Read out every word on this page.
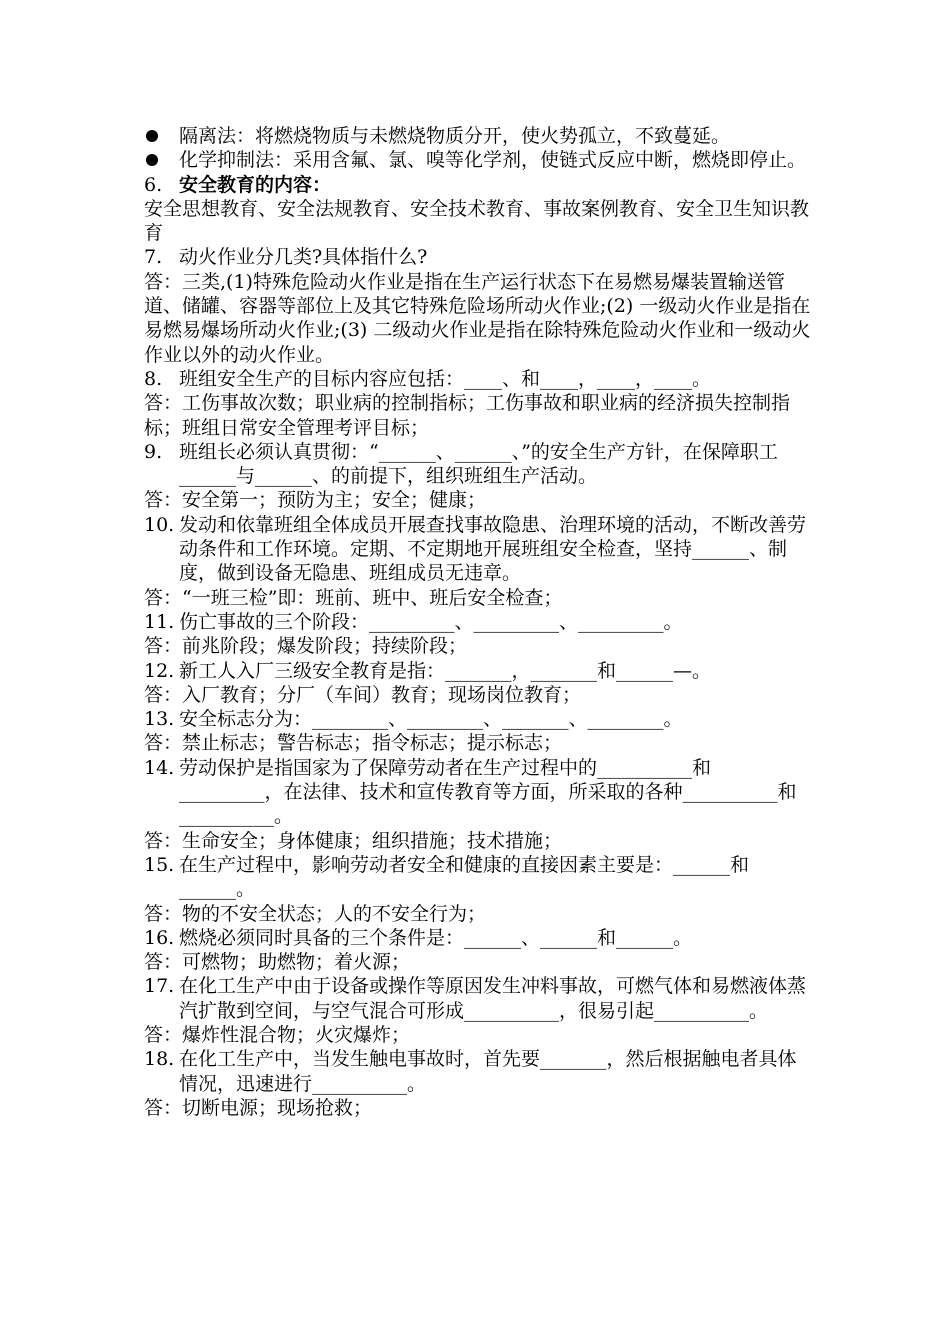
隔离法：将燃烧物质与未燃烧物质分开，使火势孤立，不致蔓延。
化学抑制法：采用含氟、氯、嗅等化学剂，使链式反应中断，燃烧即停止。
6. 安全教育的内容：
安全思想教育、安全法规教育、安全技术教育、事故案例教育、安全卫生知识教育
7. 动火作业分几类?具体指什么?
答：三类,(1)特殊危险动火作业是指在生产运行状态下在易燃易爆装置输送管道、储罐、容器等部位上及其它特殊危险场所动火作业;(2) 一级动火作业是指在易燃易爆场所动火作业;(3) 二级动火作业是指在除特殊危险动火作业和一级动火作业以外的动火作业。
8. 班组安全生产的目标内容应包括：____、和____，____，____。
答：工伤事故次数；职业病的控制指标；工伤事故和职业病的经济损失控制指标；班组日常安全管理考评目标；
9. 班组长必须认真贯彻：“______、______、”的安全生产方针，在保障职工______与______、的前提下，组织班组生产活动。
答：安全第一；预防为主；安全；健康；
10. 发动和依靠班组全体成员开展查找事故隐患、治理环境的活动，不断改善劳动条件和工作环境。定期、不定期地开展班组安全检查，坚持______、制度，做到设备无隐患、班组成员无违章。
答：“一班三检”即：班前、班中、班后安全检查；
11. 伤亡事故的三个阶段：_________、_________、_________。
答：前兆阶段；爆发阶段；持续阶段；
12. 新工人入厂三级安全教育是指：_______，_______和______—。
答：入厂教育；分厂（车间）教育；现场岗位教育；
13. 安全标志分为：________、________、_______、________。
答：禁止标志；警告标志；指令标志；提示标志；
14. 劳动保护是指国家为了保障劳动者在生产过程中的__________和_________，在法律、技术和宣传教育等方面，所采取的各种__________和__________。
答：生命安全；身体健康；组织措施；技术措施；
15. 在生产过程中，影响劳动者安全和健康的直接因素主要是：______和______。
答：物的不安全状态；人的不安全行为；
16. 燃烧必须同时具备的三个条件是：______、______和______。
答：可燃物；助燃物；着火源；
17. 在化工生产中由于设备或操作等原因发生冲料事故，可燃气体和易燃液体蒸汽扩散到空间，与空气混合可形成__________，很易引起__________。
答：爆炸性混合物；火灾爆炸；
18. 在化工生产中，当发生触电事故时，首先要_______，然后根据触电者具体情况，迅速进行__________。
答：切断电源；现场抢救；
